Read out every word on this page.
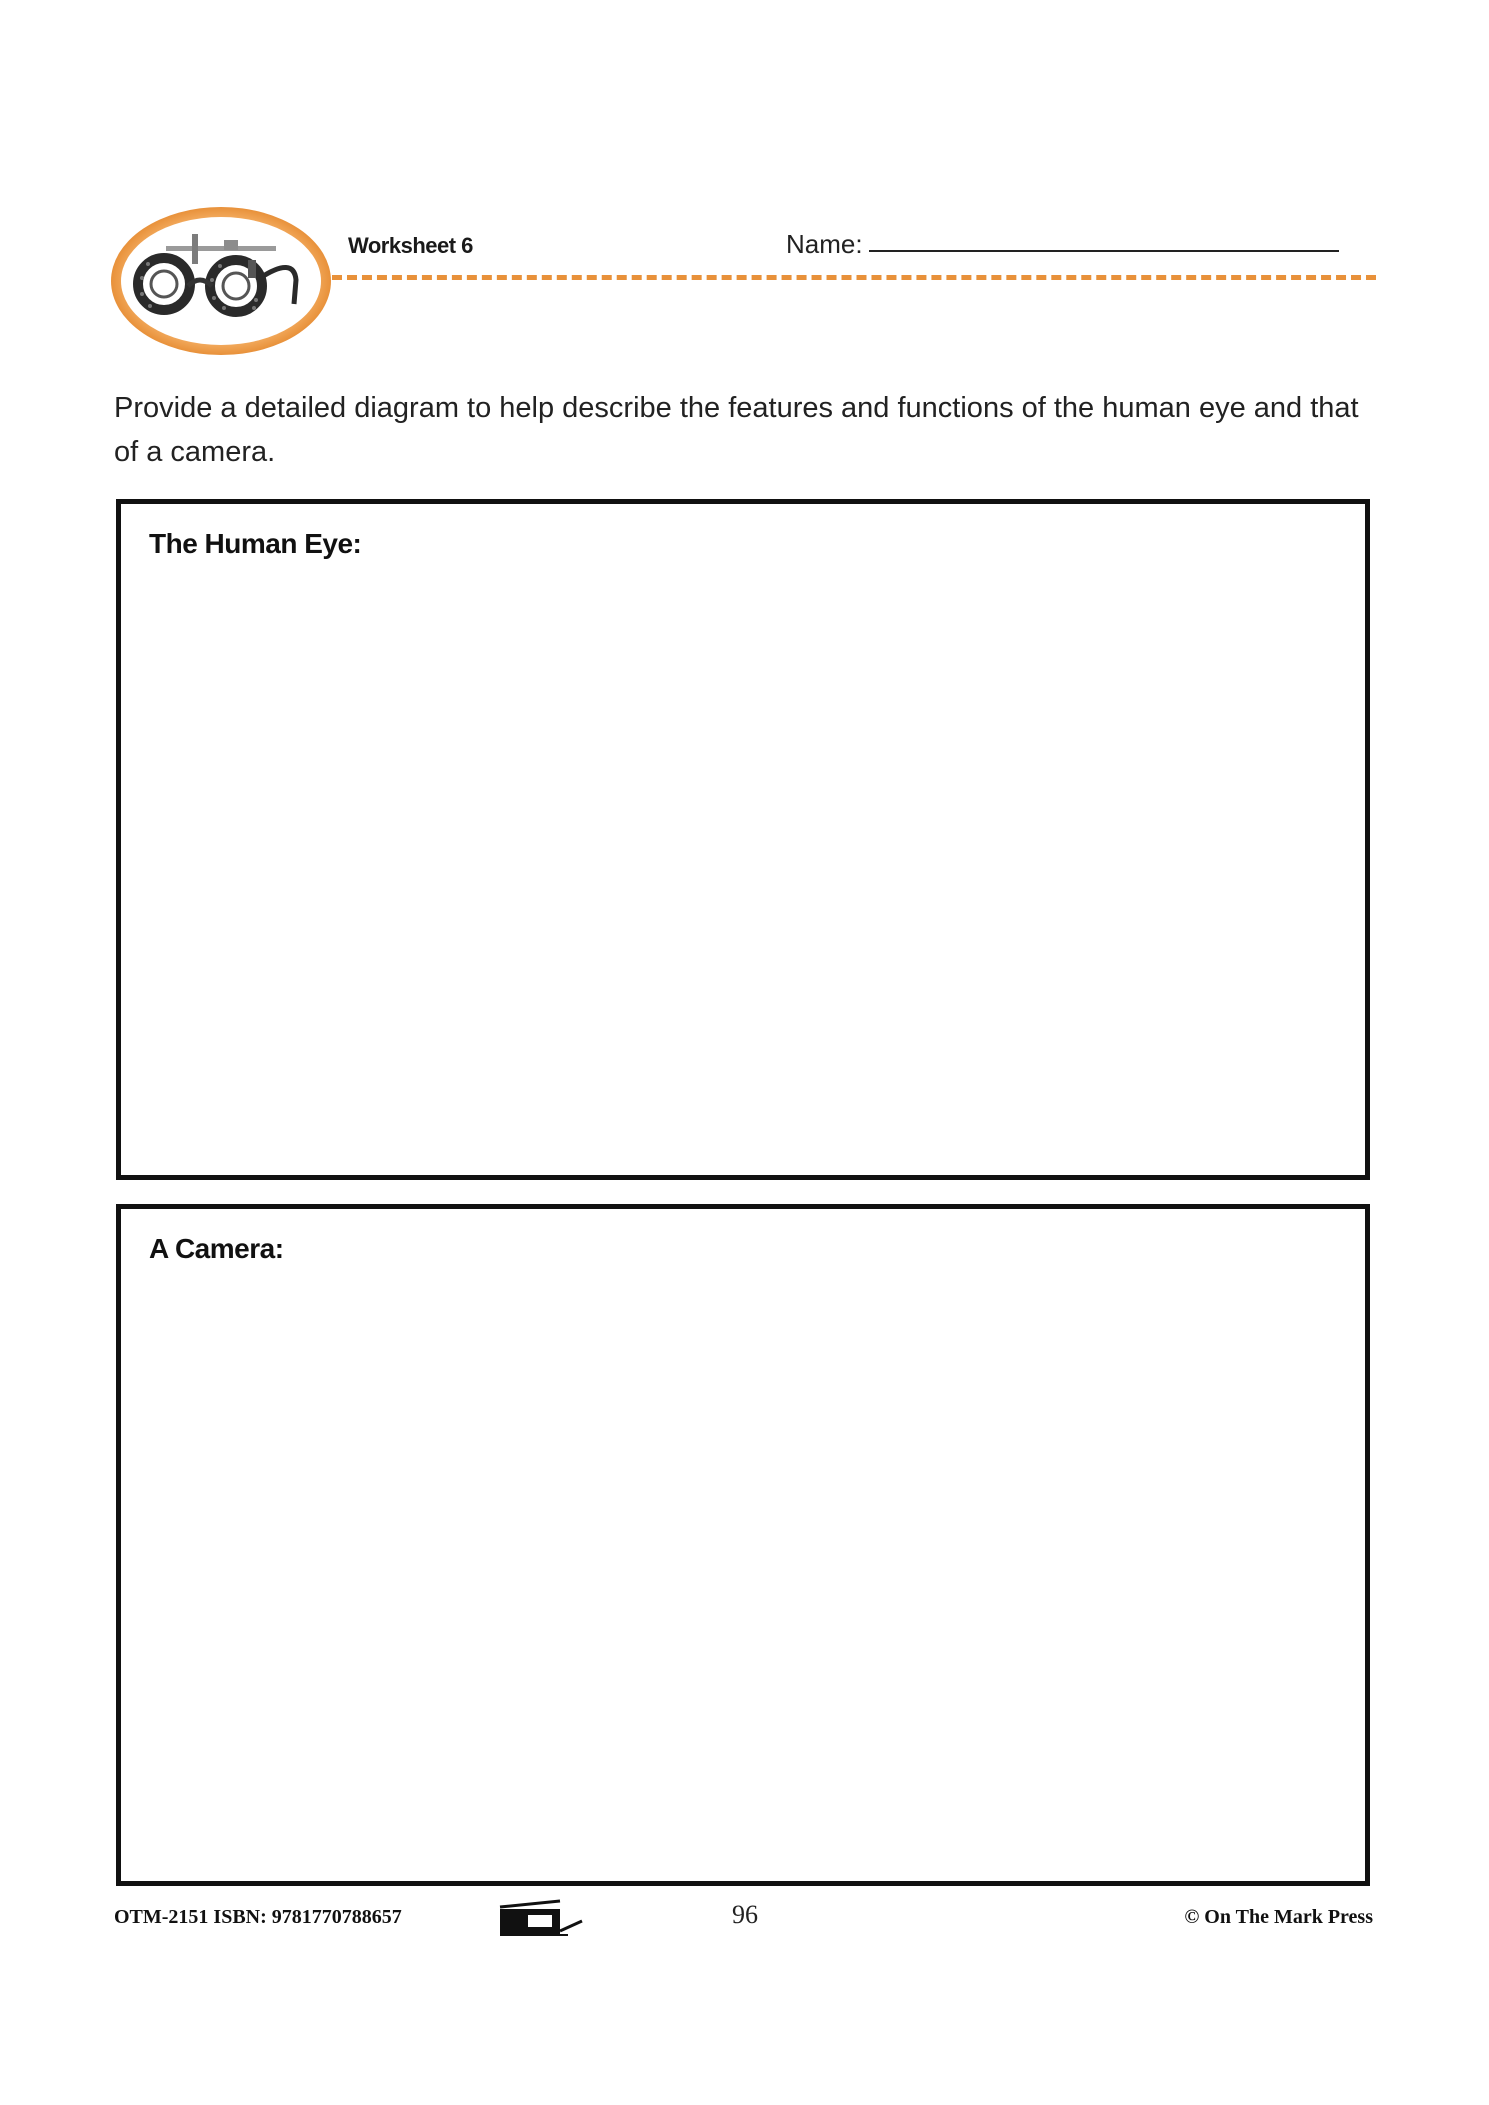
Worksheet 6	Name:

Provide a detailed diagram to help describe the features and functions of the human eye and that of a camera.

The Human Eye:
A Camera:
OTM-2151 ISBN: 9781770788657	96	© On The Mark Press
